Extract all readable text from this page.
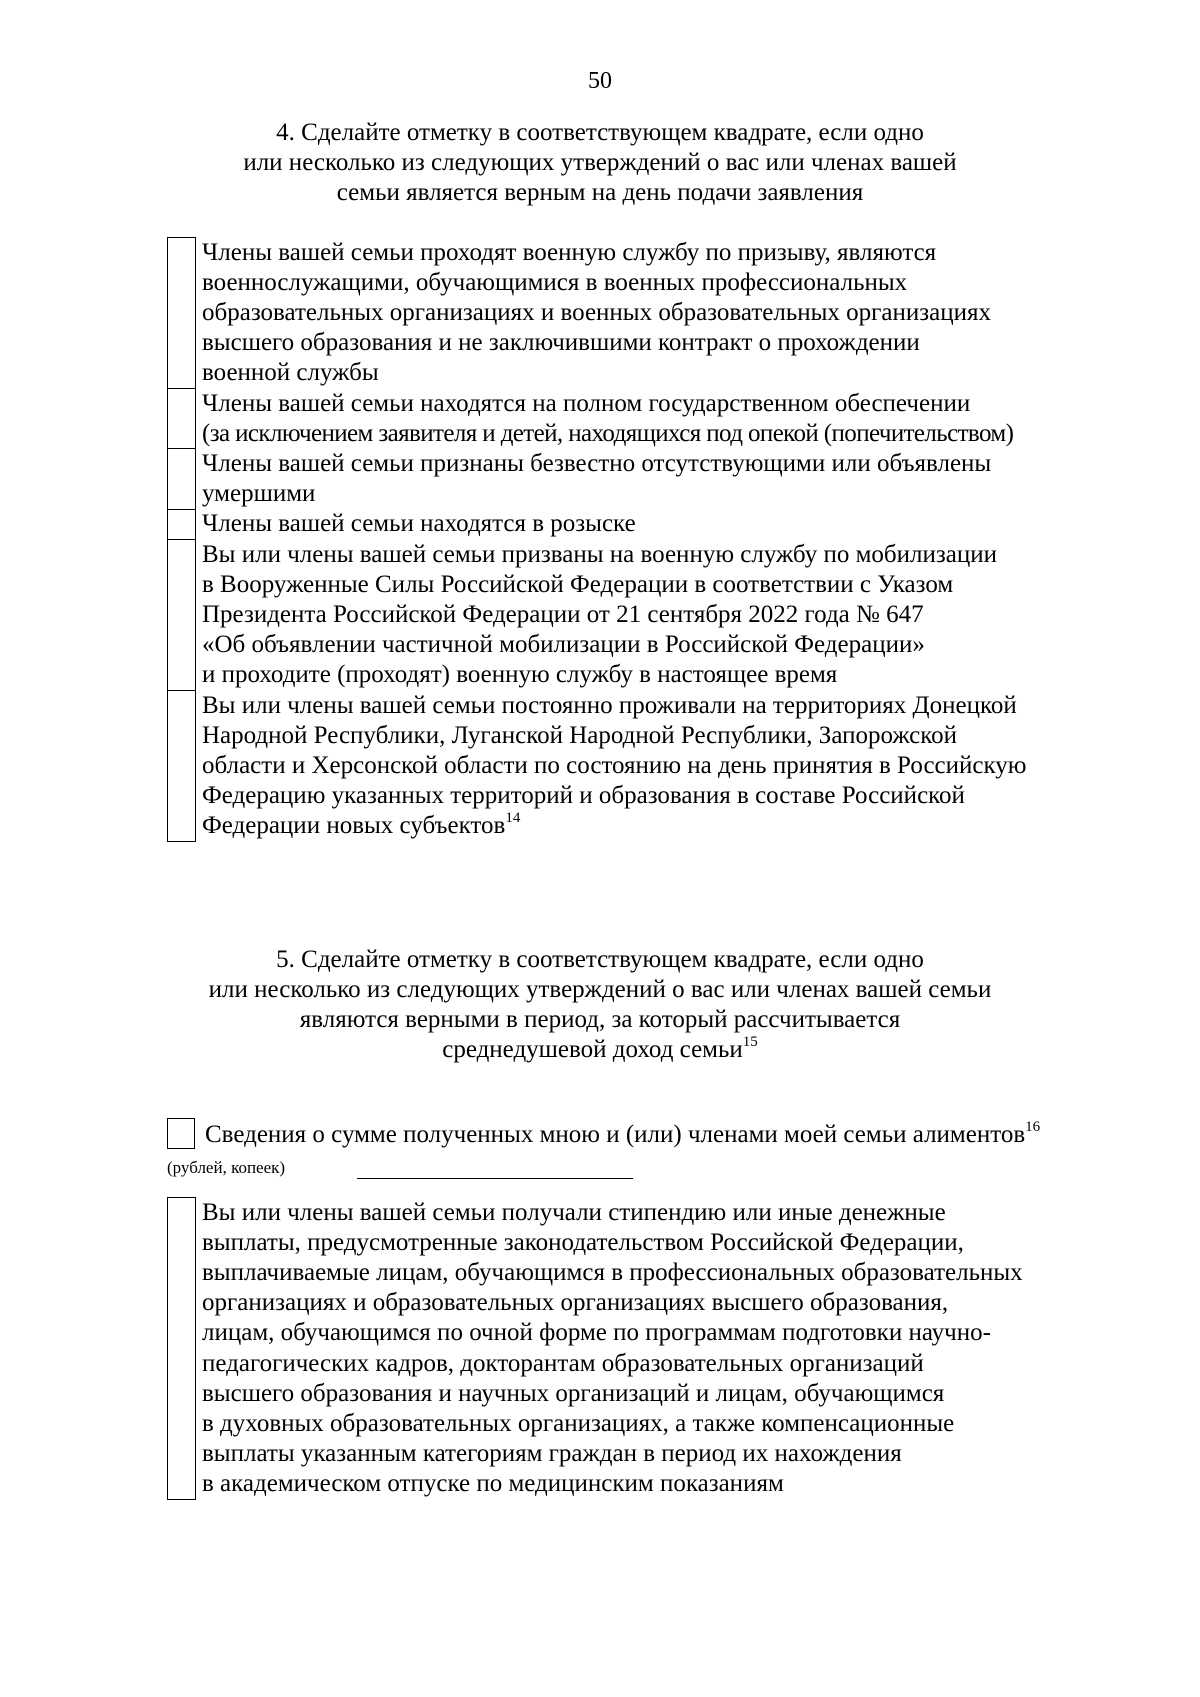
50
4. Сделайте отметку в соответствующем квадрате, если одно
или несколько из следующих утверждений о вас или членах вашей
семьи является верным на день подачи заявления

	Члены вашей семьи проходят военную службу по призыву, являются
военнослужащими, обучающимися в военных профессиональных
образовательных организациях и военных образовательных организациях
высшего образования и не заключившими контракт о прохождении
военной службы

	Члены вашей семьи находятся на полном государственном обеспечении
(за исключением заявителя и детей, находящихся под опекой (попечительством)

	Члены вашей семьи признаны безвестно отсутствующими или объявлены
умершими

	Члены вашей семьи находятся в розыске

	Вы или члены вашей семьи призваны на военную службу по мобилизации
в Вооруженные Силы Российской Федерации в соответствии с Указом
Президента Российской Федерации от 21 сентября 2022 года № 647
«Об объявлении частичной мобилизации в Российской Федерации»
и проходите (проходят) военную службу в настоящее время

	Вы или члены вашей семьи постоянно проживали на территориях Донецкой
Народной Республики, Луганской Народной Республики, Запорожской
области и Херсонской области по состоянию на день принятия в Российскую
Федерацию указанных территорий и образования в составе Российской
Федерации новых субъектов$^{14}$
5. Сделайте отметку в соответствующем квадрате, если одно
или несколько из следующих утверждений о вас или членах вашей семьи
являются верными в период, за который рассчитывается
среднедушевой доход семьи$^{15}$
Сведения о сумме полученных мною и (или) членами моей семьи алиментов$^{16}$
(рублей, копеек)

Вы или члены вашей семьи получали стипендию или иные денежные
выплаты, предусмотренные законодательством Российской Федерации,
выплачиваемые лицам, обучающимся в профессиональных образовательных
организациях и образовательных организациях высшего образования,
лицам, обучающимся по очной форме по программам подготовки научно-
педагогических кадров, докторантам образовательных организаций
высшего образования и научных организаций и лицам, обучающимся
в духовных образовательных организациях, а также компенсационные
выплаты указанным категориям граждан в период их нахождения
в академическом отпуске по медицинским показаниям
